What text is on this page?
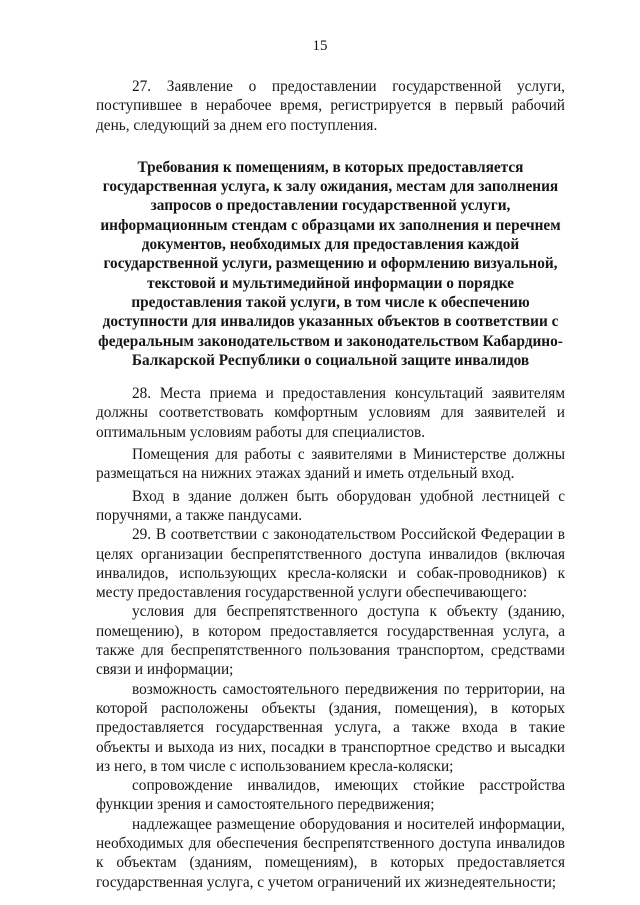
15

27. Заявление о предоставлении государственной услуги, поступившее в нерабочее время, регистрируется в первый рабочий день, следующий за днем его поступления.

Требования к помещениям, в которых предоставляется государственная услуга, к залу ожидания, местам для заполнения запросов о предоставлении государственной услуги, информационным стендам с образцами их заполнения и перечнем документов, необходимых для предоставления каждой государственной услуги, размещению и оформлению визуальной, текстовой и мультимедийной информации о порядке предоставления такой услуги, в том числе к обеспечению доступности для инвалидов указанных объектов в соответствии с федеральным законодательством и законодательством Кабардино-Балкарской Республики о социальной защите инвалидов

28. Места приема и предоставления консультаций заявителям должны соответствовать комфортным условиям для заявителей и оптимальным условиям работы для специалистов.

Помещения для работы с заявителями в Министерстве должны размещаться на нижних этажах зданий и иметь отдельный вход.

Вход в здание должен быть оборудован удобной лестницей с поручнями, а также пандусами.

29. В соответствии с законодательством Российской Федерации в целях организации беспрепятственного доступа инвалидов (включая инвалидов, использующих кресла-коляски и собак-проводников) к месту предоставления государственной услуги обеспечивающего:

условия для беспрепятственного доступа к объекту (зданию, помещению), в котором предоставляется государственная услуга, а также для беспрепятственного пользования транспортом, средствами связи и информации;

возможность самостоятельного передвижения по территории, на которой расположены объекты (здания, помещения), в которых предоставляется государственная услуга, а также входа в такие объекты и выхода из них, посадки в транспортное средство и высадки из него, в том числе с использованием кресла-коляски;

сопровождение инвалидов, имеющих стойкие расстройства функции зрения и самостоятельного передвижения;

надлежащее размещение оборудования и носителей информации, необходимых для обеспечения беспрепятственного доступа инвалидов к объектам (зданиям, помещениям), в которых предоставляется государственная услуга, с учетом ограничений их жизнедеятельности;
